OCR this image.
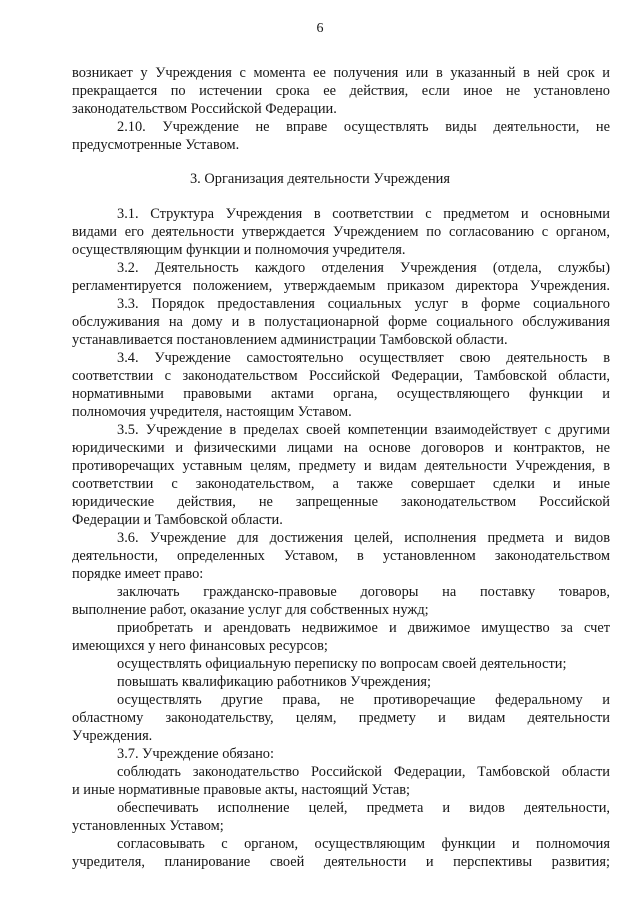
6
возникает у Учреждения с момента ее получения или в указанный в ней срок и
прекращается по истечении срока ее действия, если иное не установлено
законодательством Российской Федерации.
2.10. Учреждение не вправе осуществлять виды деятельности, не
предусмотренные Уставом.
3. Организация деятельности Учреждения
3.1. Структура Учреждения в соответствии с предметом и основными
видами его деятельности утверждается Учреждением по согласованию с органом,
осуществляющим функции и полномочия учредителя.
3.2. Деятельность каждого отделения Учреждения (отдела, службы)
регламентируется положением, утверждаемым приказом директора Учреждения.
3.3. Порядок предоставления социальных услуг в форме социального
обслуживания на дому и в полустационарной форме социального обслуживания
устанавливается постановлением администрации Тамбовской области.
3.4. Учреждение самостоятельно осуществляет свою деятельность в
соответствии с законодательством Российской Федерации, Тамбовской области,
нормативными правовыми актами органа, осуществляющего функции и
полномочия учредителя, настоящим Уставом.
3.5. Учреждение в пределах своей компетенции взаимодействует с другими
юридическими и физическими лицами на основе договоров и контрактов, не
противоречащих уставным целям, предмету и видам деятельности Учреждения, в
соответствии с законодательством, а также совершает сделки и иные
юридические действия, не запрещенные законодательством Российской
Федерации и Тамбовской области.
3.6. Учреждение для достижения целей, исполнения предмета и видов
деятельности, определенных Уставом, в установленном законодательством
порядке имеет право:
заключать гражданско-правовые договоры на поставку товаров,
выполнение работ, оказание услуг для собственных нужд;
приобретать и арендовать недвижимое и движимое имущество за счет
имеющихся у него финансовых ресурсов;
осуществлять официальную переписку по вопросам своей деятельности;
повышать квалификацию работников Учреждения;
осуществлять другие права, не противоречащие федеральному и
областному законодательству, целям, предмету и видам деятельности
Учреждения.
3.7. Учреждение обязано:
соблюдать законодательство Российской Федерации, Тамбовской области
и иные нормативные правовые акты, настоящий Устав;
обеспечивать исполнение целей, предмета и видов деятельности,
установленных Уставом;
согласовывать с органом, осуществляющим функции и полномочия
учредителя, планирование своей деятельности и перспективы развития;
